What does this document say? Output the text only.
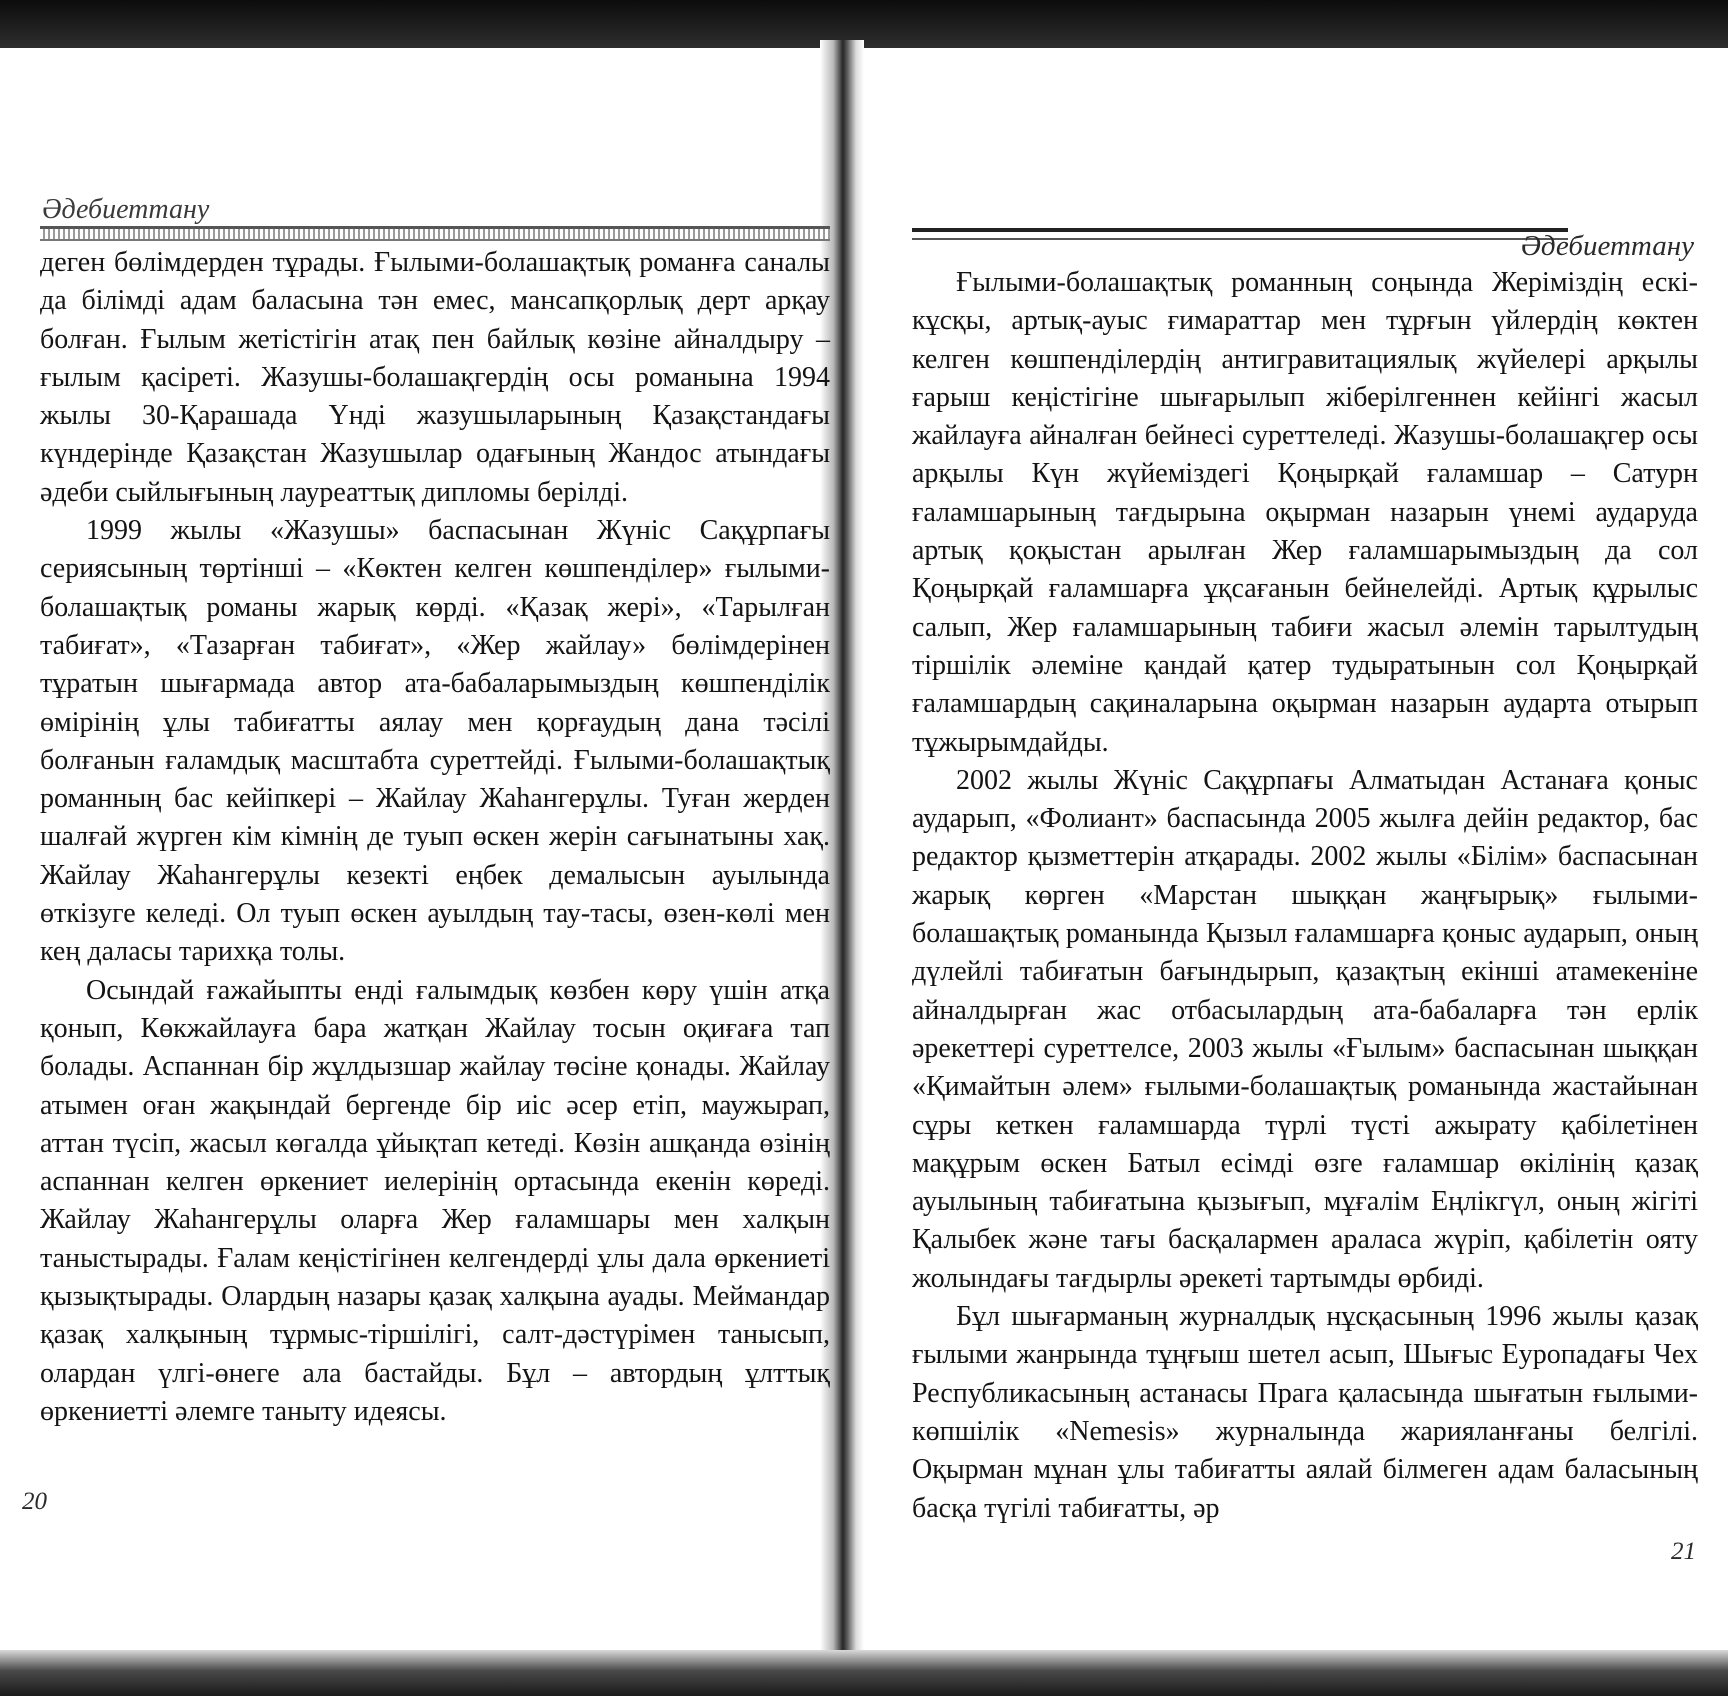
Әдебиеттану

деген бөлімдерден тұрады. Ғылыми-болашақтық романға саналы да білімді адам баласына тән емес, мансапқорлық дерт арқау болған. Ғылым жетістігін атақ пен байлық көзіне айналдыру – ғылым қасіреті. Жазушы-болашақгердің осы романына 1994 жылы 30-Қарашада Үнді жазушыларының Қазақстандағы күндерінде Қазақстан Жазушылар одағының Жандос атындағы әдеби сыйлығының лауреаттық дипломы берілді.

1999 жылы «Жазушы» баспасынан Жүніс Сақұрпағы сериясының төртінші – «Көктен келген көшпенділер» ғылыми-болашақтық романы жарық көрді. «Қазақ жері», «Тарылған табиғат», «Тазарған табиғат», «Жер жайлау» бөлімдерінен тұратын шығармада автор ата-бабаларымыздың көшпенділік өмірінің ұлы табиғатты аялау мен қорғаудың дана тәсілі болғанын ғаламдық масштабта суреттейді. Ғылыми-болашақтық романның бас кейіпкері – Жайлау Жаһангерұлы. Туған жерден шалғай жүрген кім кімнің де туып өскен жерін сағынатыны хақ. Жайлау Жаһангерұлы кезекті еңбек демалысын ауылында өткізуге келеді. Ол туып өскен ауылдың тау-тасы, өзен-көлі мен кең даласы тарихқа толы.

Осындай ғажайыпты енді ғалымдық көзбен көру үшін атқа қонып, Көкжайлауға бара жатқан Жайлау тосын оқиғаға тап болады. Аспаннан бір жұлдызшар жайлау төсіне қонады. Жайлау атымен оған жақындай бергенде бір иіс әсер етіп, маужырап, аттан түсіп, жасыл көгалда ұйықтап кетеді. Көзін ашқанда өзінің аспаннан келген өркениет иелерінің ортасында екенін көреді. Жайлау Жаһангерұлы оларға Жер ғаламшары мен халқын таныстырады. Ғалам кеңістігінен келгендерді ұлы дала өркениеті қызықтырады. Олардың назары қазақ халқына ауады. Меймандар қазақ халқының тұрмыс-тіршілігі, салт-дәстүрімен танысып, олардан үлгі-өнеге ала бастайды. Бұл – автордың ұлттық өркениетті әлемге таныту идеясы.

20
Әдебиеттану

Ғылыми-болашақтық романның соңында Жеріміздің ескі-кұсқы, артық-ауыс ғимараттар мен тұрғын үйлердің көктен келген көшпенділердің антигравитациялық жүйелері арқылы ғарыш кеңістігіне шығарылып жіберілгеннен кейінгі жасыл жайлауға айналған бейнесі суреттеледі. Жазушы-болашақгер осы арқылы Күн жүйеміздегі Қоңырқай ғаламшар – Сатурн ғаламшарының тағдырына оқырман назарын үнемі аударуда артық қоқыстан арылған Жер ғаламшарымыздың да сол Қоңырқай ғаламшарға ұқсағанын бейнелейді. Артық құрылыс салып, Жер ғаламшарының табиғи жасыл әлемін тарылтудың тіршілік әлеміне қандай қатер тудыратынын сол Қоңырқай ғаламшардың сақиналарына оқырман назарын аударта отырып тұжырымдайды.

2002 жылы Жүніс Сақұрпағы Алматыдан Астанаға қоныс аударып, «Фолиант» баспасында 2005 жылға дейін редактор, бас редактор қызметтерін атқарады. 2002 жылы «Білім» баспасынан жарық көрген «Марстан шыққан жаңғырық» ғылыми-болашақтық романында Қызыл ғаламшарға қоныс аударып, оның дүлейлі табиғатын бағындырып, қазақтың екінші атамекеніне айналдырған жас отбасылардың ата-бабаларға тән ерлік әрекеттері суреттелсе, 2003 жылы «Ғылым» баспасынан шыққан «Қимайтын әлем» ғылыми-болашақтық романында жастайынан сұры кеткен ғаламшарда түрлі түсті ажырату қабілетінен мақұрым өскен Батыл есімді өзге ғаламшар өкілінің қазақ ауылының табиғатына қызығып, мұғалім Еңлікгүл, оның жігіті Қалыбек және тағы басқалармен араласа жүріп, қабілетін ояту жолындағы тағдырлы әрекеті тартымды өрбиді.

Бұл шығарманың журналдық нұсқасының 1996 жылы қазақ ғылыми жанрында тұңғыш шетел асып, Шығыс Еуропадағы Чех Республикасының астанасы Прага қаласында шығатын ғылыми-көпшілік «Nemesis» журналында жарияланғаны белгілі. Оқырман мұнан ұлы табиғатты аялай білмеген адам баласының басқа түгілі табиғатты, әр

21
